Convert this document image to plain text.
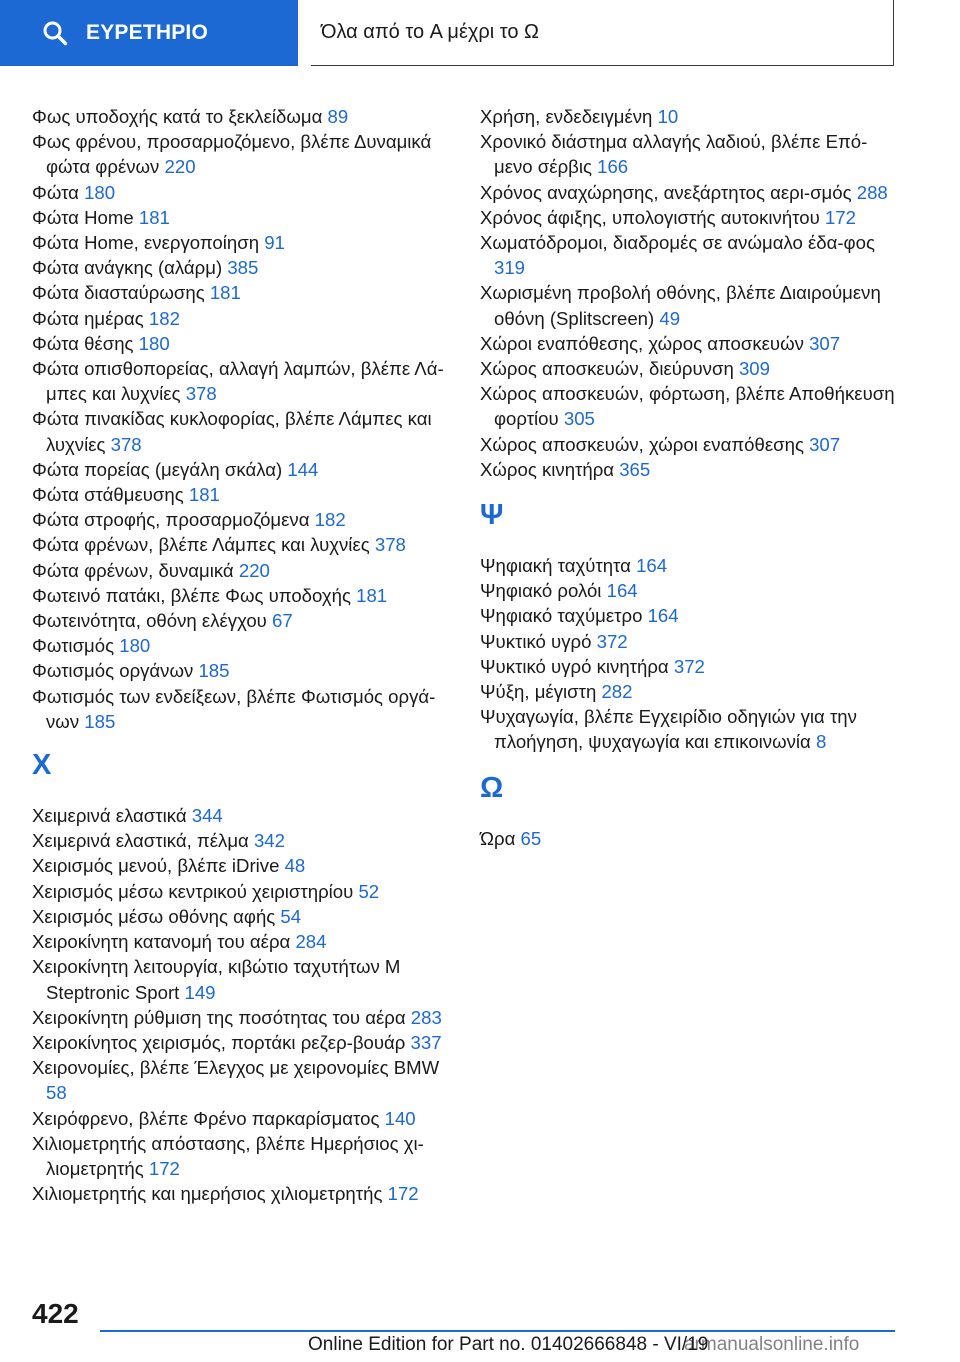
ΕΥΡΕΤΗΡΙΟ	Όλα από το A μέχρι το Ω

Φως υποδοχής κατά το ξεκλείδωμα 89

Φως φρένου, προσαρμοζόμενο, βλέπε Δυναμικά φώτα φρένων 220

Φώτα 180

Φώτα Home 181

Φώτα Home, ενεργοποίηση 91

Φώτα ανάγκης (αλάρμ) 385

Φώτα διασταύρωσης 181

Φώτα ημέρας 182

Φώτα θέσης 180

Φώτα οπισθοπορείας, αλλαγή λαμπών, βλέπε Λά-μπες και λυχνίες 378

Φώτα πινακίδας κυκλοφορίας, βλέπε Λάμπες και λυχνίες 378

Φώτα πορείας (μεγάλη σκάλα) 144

Φώτα στάθμευσης 181

Φώτα στροφής, προσαρμοζόμενα 182

Φώτα φρένων, βλέπε Λάμπες και λυχνίες 378

Φώτα φρένων, δυναμικά 220

Φωτεινό πατάκι, βλέπε Φως υποδοχής 181

Φωτεινότητα, οθόνη ελέγχου 67

Φωτισμός 180

Φωτισμός οργάνων 185

Φωτισμός των ενδείξεων, βλέπε Φωτισμός οργά-νων 185

Χ

Χειμερινά ελαστικά 344

Χειμερινά ελαστικά, πέλμα 342

Χειρισμός μενού, βλέπε iDrive 48

Χειρισμός μέσω κεντρικού χειριστηρίου 52

Χειρισμός μέσω οθόνης αφής 54

Χειροκίνητη κατανομή του αέρα 284

Χειροκίνητη λειτουργία, κιβώτιο ταχυτήτων M Steptronic Sport 149

Χειροκίνητη ρύθμιση της ποσότητας του αέρα 283

Χειροκίνητος χειρισμός, πορτάκι ρεζερ-βουάρ 337

Χειρονομίες, βλέπε Έλεγχος με χειρονομίες BMW 58

Χειρόφρενο, βλέπε Φρένο παρκαρίσματος 140

Χιλιομετρητής απόστασης, βλέπε Ημερήσιος χι-λιομετρητής 172

Χιλιομετρητής και ημερήσιος χιλιομετρητής 172

Χρήση, ενδεδειγμένη 10

Χρονικό διάστημα αλλαγής λαδιού, βλέπε Επό-μενο σέρβις 166

Χρόνος αναχώρησης, ανεξάρτητος αερι-σμός 288

Χρόνος άφιξης, υπολογιστής αυτοκινήτου 172

Χωματόδρομοι, διαδρομές σε ανώμαλο έδα-φος 319

Χωρισμένη προβολή οθόνης, βλέπε Διαιρούμενη οθόνη (Splitscreen) 49

Χώροι εναπόθεσης, χώρος αποσκευών 307

Χώρος αποσκευών, διεύρυνση 309

Χώρος αποσκευών, φόρτωση, βλέπε Αποθήκευση φορτίου 305

Χώρος αποσκευών, χώροι εναπόθεσης 307

Χώρος κινητήρα 365

Ψ

Ψηφιακή ταχύτητα 164

Ψηφιακό ρολόι 164

Ψηφιακό ταχύμετρο 164

Ψυκτικό υγρό 372

Ψυκτικό υγρό κινητήρα 372

Ψύξη, μέγιστη 282

Ψυχαγωγία, βλέπε Εγχειρίδιο οδηγιών για την πλοήγηση, ψυχαγωγία και επικοινωνία 8

Ω

Ώρα 65

422
Online Edition for Part no. 01402666848 - VI/19
armanualsonline.info
